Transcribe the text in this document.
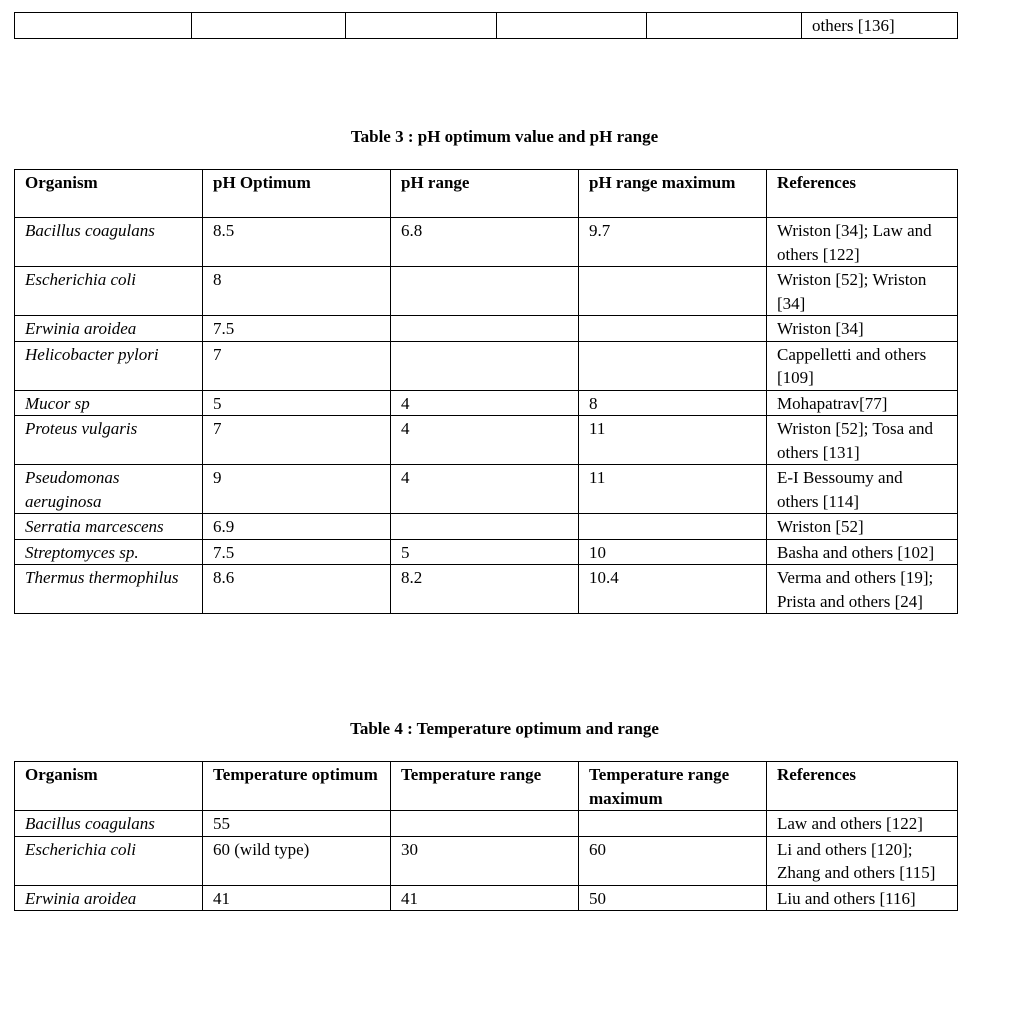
					others [136]
Table 3 : pH optimum value and pH range
Organism	pH Optimum	pH range	pH range maximum	References
Bacillus coagulans	8.5	6.8	9.7	Wriston [34]; Law and others [122]
Escherichia coli	8			Wriston [52]; Wriston [34]
Erwinia aroidea	7.5			Wriston [34]
Helicobacter pylori	7			Cappelletti and others [109]
Mucor sp	5	4	8	Mohapatrav[77]
Proteus vulgaris	7	4	11	Wriston [52]; Tosa and others [131]
Pseudomonas aeruginosa	9	4	11	E-I Bessoumy and others [114]
Serratia marcescens	6.9			Wriston [52]
Streptomyces sp.	7.5	5	10	Basha and others [102]
Thermus thermophilus	8.6	8.2	10.4	Verma and others [19]; Prista and others [24]
Table 4 : Temperature optimum and range
Organism	Temperature optimum	Temperature range	Temperature range maximum	References
Bacillus coagulans	55			Law and others [122]
Escherichia coli	60 (wild type)	30	60	Li and others [120]; Zhang and others [115]
Erwinia aroidea	41	41	50	Liu and others [116]
